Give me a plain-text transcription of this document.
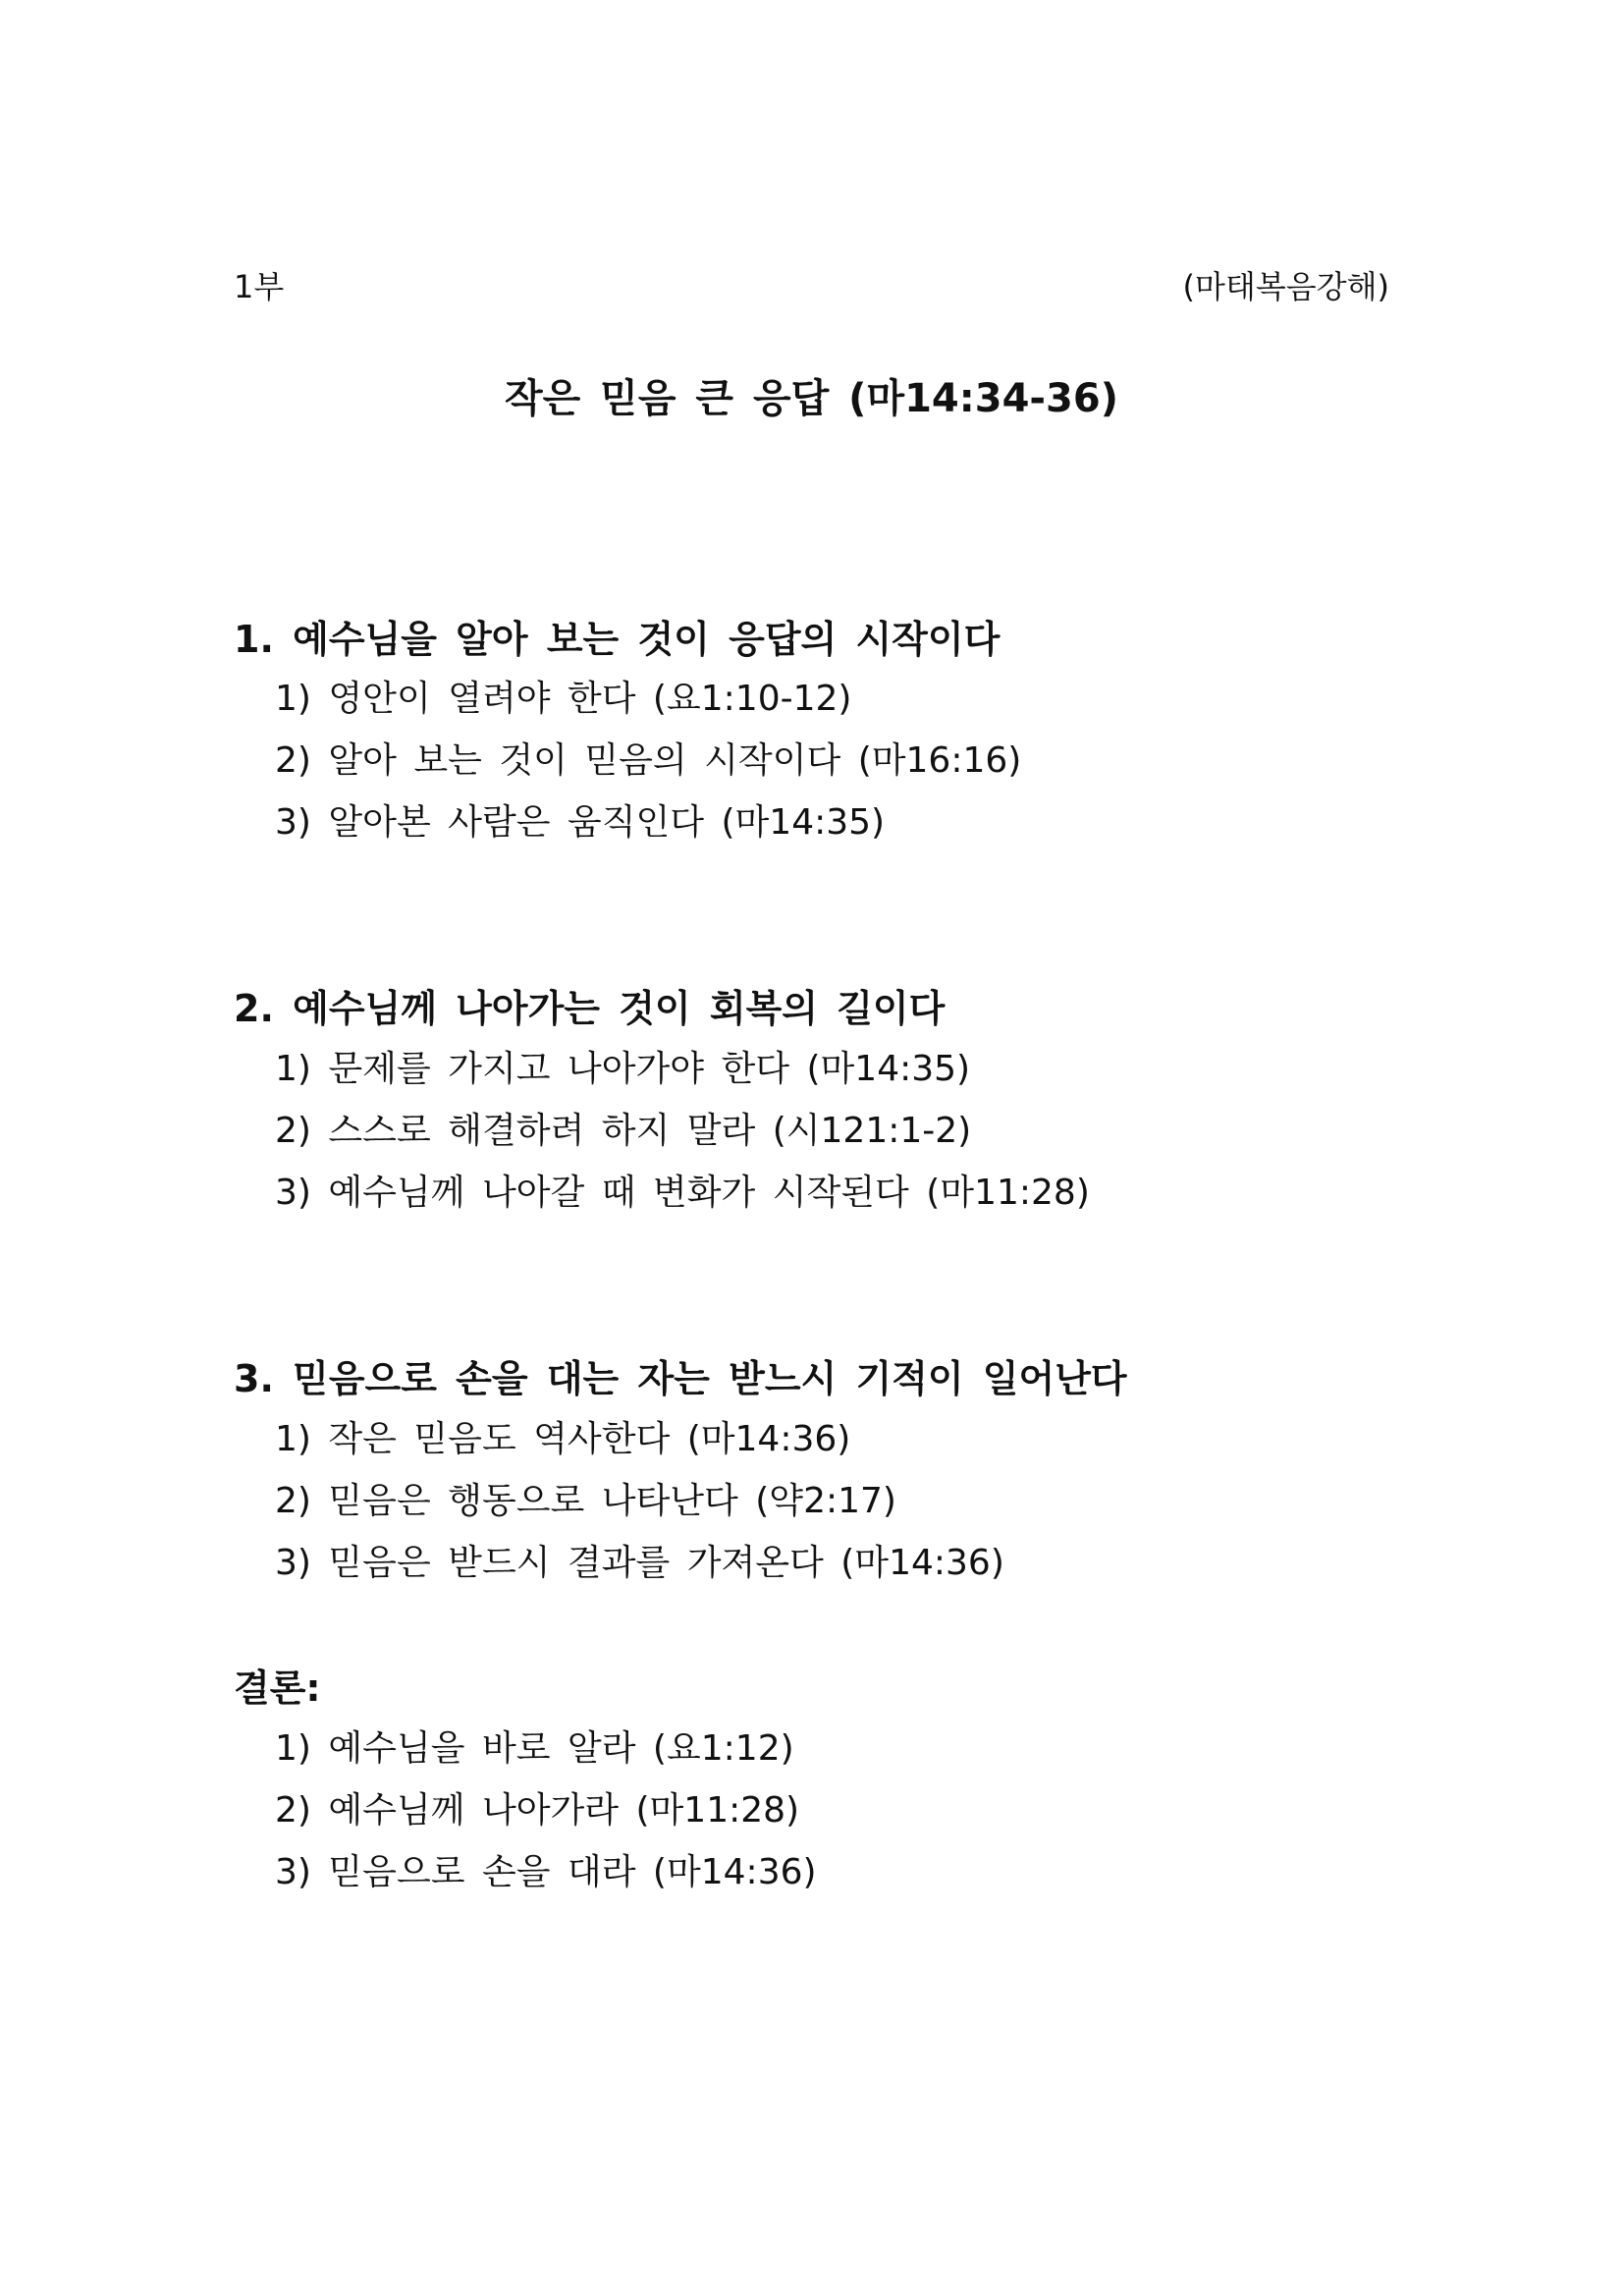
1부	(마태복음강해)
작은 믿음 큰 응답 (마14:34-36)
1. 예수님을 알아 보는 것이 응답의 시작이다
1) 영안이 열려야 한다 (요1:10-12)
2) 알아 보는 것이 믿음의 시작이다 (마16:16)
3) 알아본 사람은 움직인다 (마14:35)
2. 예수님께 나아가는 것이 회복의 길이다
1) 문제를 가지고 나아가야 한다 (마14:35)
2) 스스로 해결하려 하지 말라 (시121:1-2)
3) 예수님께 나아갈 때 변화가 시작된다 (마11:28)
3. 믿음으로 손을 대는 자는 받느시 기적이 일어난다
1) 작은 믿음도 역사한다 (마14:36)
2) 믿음은 행동으로 나타난다 (약2:17)
3) 믿음은 받드시 결과를 가져온다 (마14:36)
결론:
1) 예수님을 바로 알라 (요1:12)
2) 예수님께 나아가라 (마11:28)
3) 믿음으로 손을 대라 (마14:36)
